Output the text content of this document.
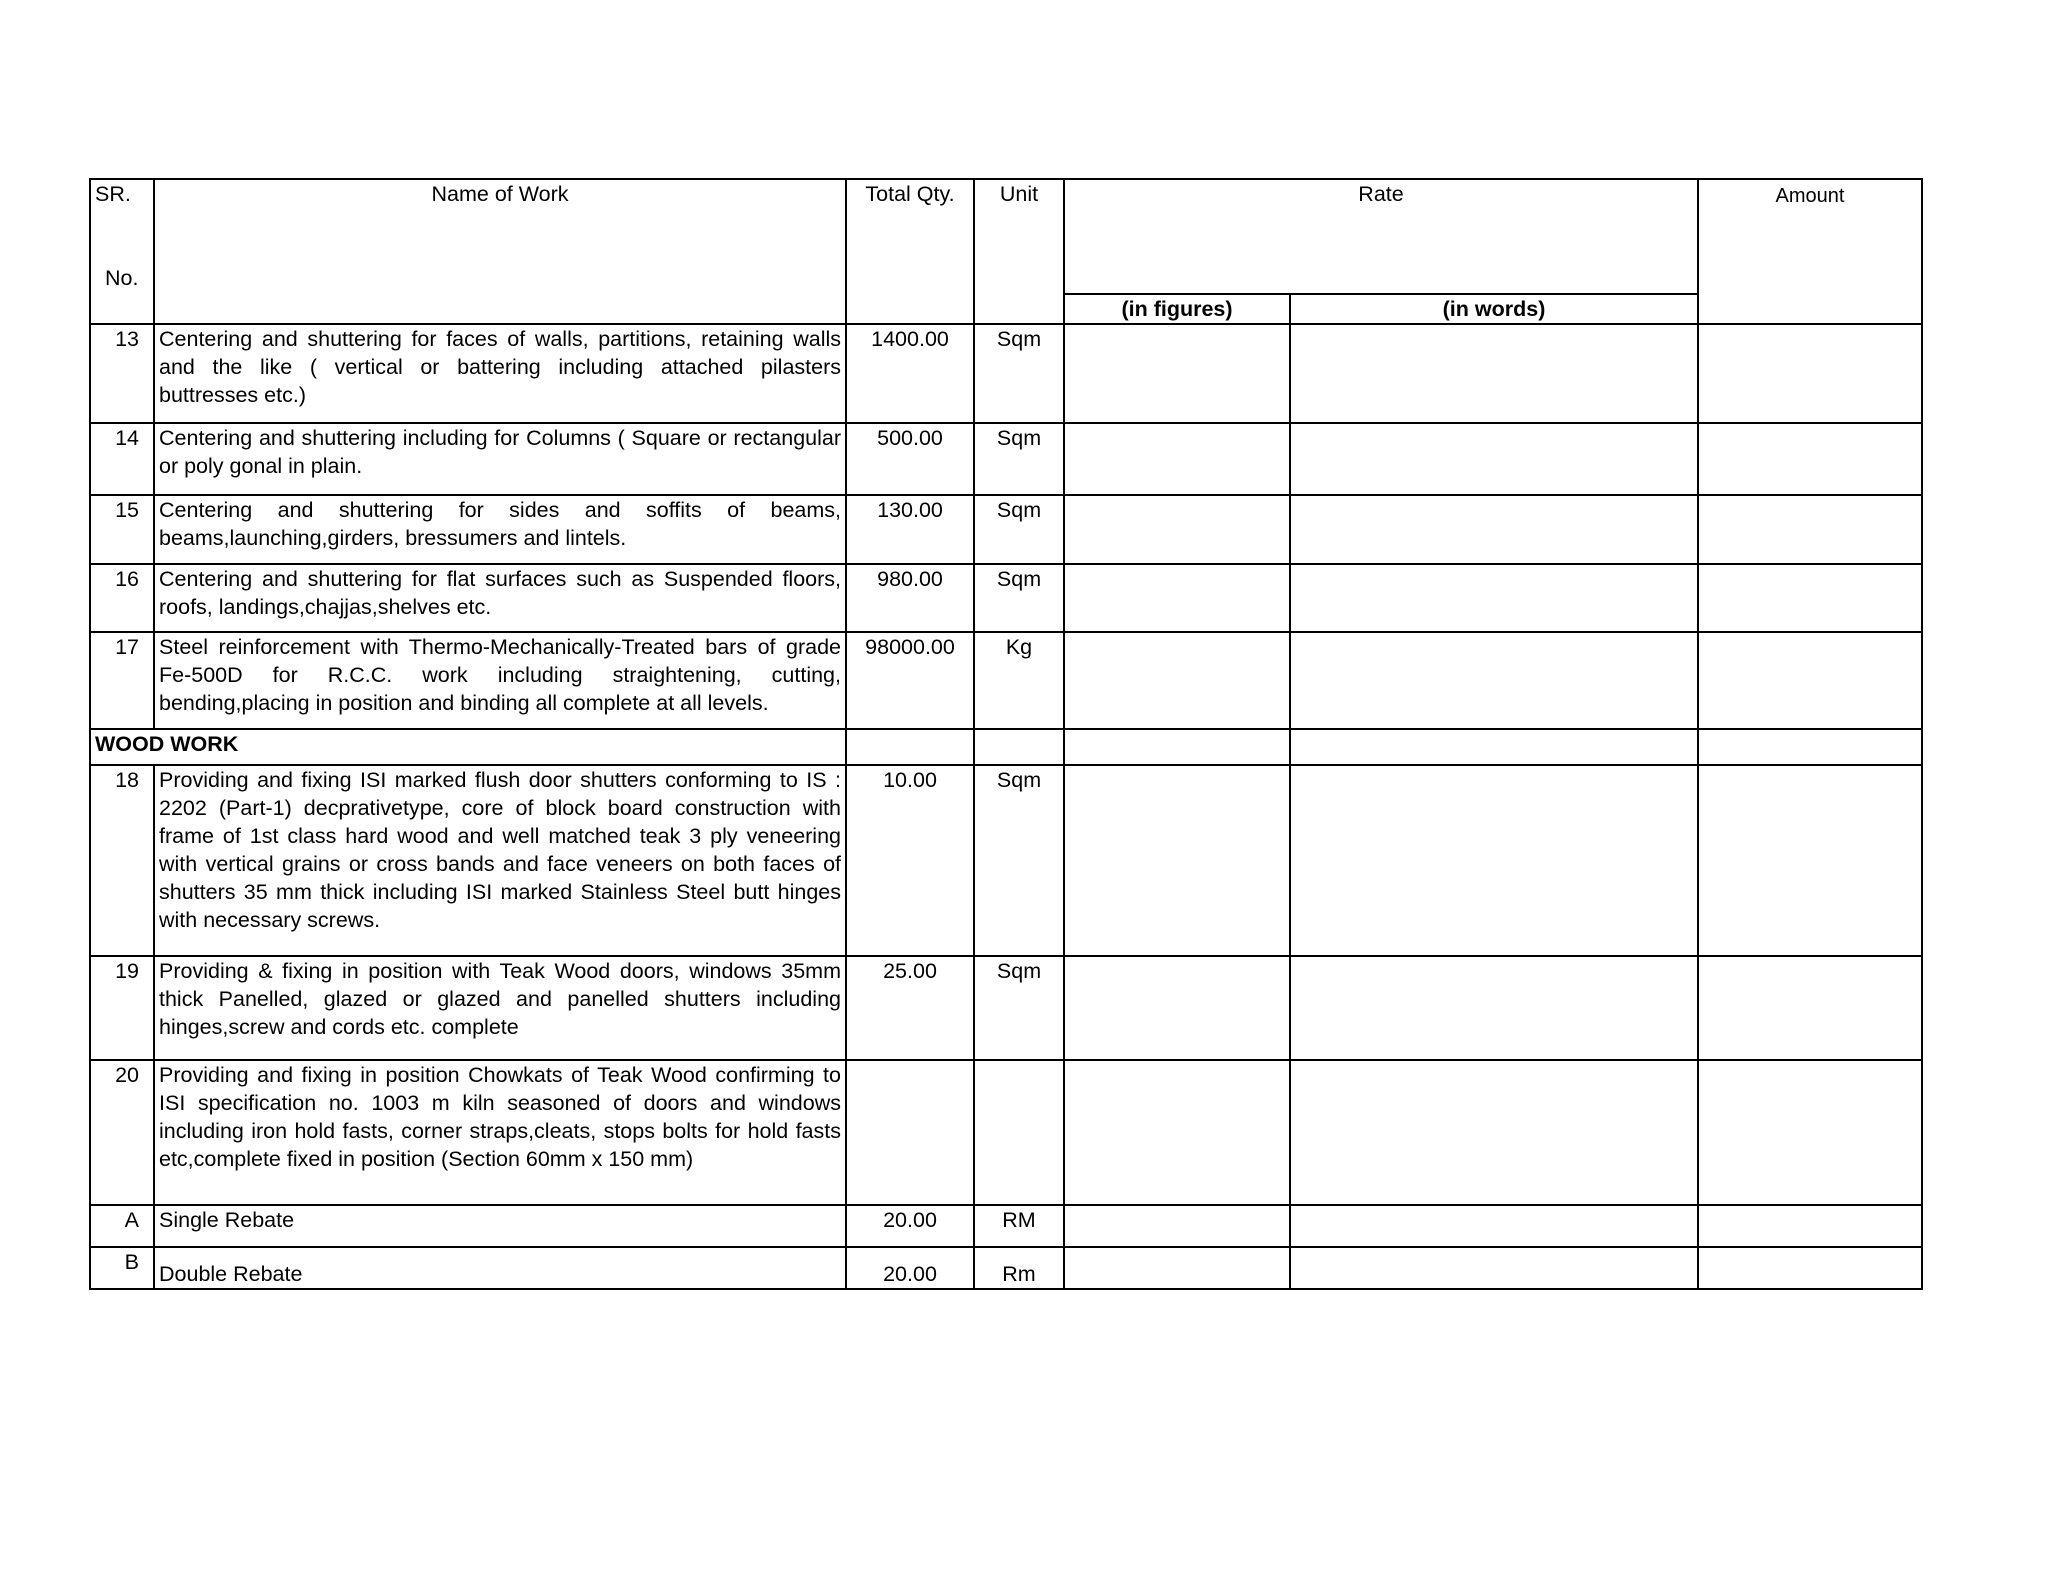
SR.
No.	Name of Work	Total Qty.	Unit	Rate		Amount
				(in figures)	(in words)	
13	Centering and shuttering for faces of walls, partitions, retaining walls and the like ( vertical or battering including attached pilasters buttresses etc.)	1400.00	Sqm			
14	Centering and shuttering including for Columns ( Square or rectangular or poly gonal in plain.	500.00	Sqm			
15	Centering and shuttering for sides and soffits of beams, beams,launching,girders, bressumers and lintels.	130.00	Sqm			
16	Centering and shuttering for flat surfaces such as Suspended floors, roofs, landings,chajjas,shelves etc.	980.00	Sqm			
17	Steel reinforcement with Thermo-Mechanically-Treated bars of grade Fe-500D for R.C.C. work including straightening, cutting, bending,placing in position and binding all complete at all levels.	98000.00	Kg			
WOOD WORK						
18	Providing and fixing ISI marked flush door shutters conforming to IS : 2202 (Part-1) decprativetype, core of block board construction with frame of 1st class hard wood and well matched teak 3 ply veneering with vertical grains or cross bands and face veneers on both faces of shutters 35 mm thick including ISI marked Stainless Steel butt hinges with necessary screws.	10.00	Sqm			
19	Providing & fixing in position with Teak Wood doors, windows 35mm thick Panelled, glazed or glazed and panelled shutters including hinges,screw and cords etc. complete	25.00	Sqm			
20	Providing and fixing in position Chowkats of Teak Wood confirming to ISI specification no. 1003 m kiln seasoned of doors and windows including iron hold fasts, corner straps,cleats, stops bolts for hold fasts etc,complete fixed in position (Section 60mm x 150 mm)					
A	Single Rebate	20.00	RM			
B	Double Rebate	20.00	Rm			
